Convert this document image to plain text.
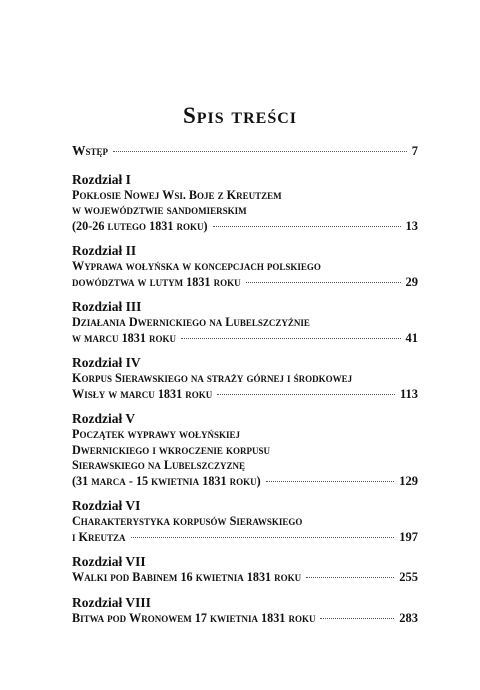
Spis treści
Wstęp	7
Rozdział I
Pokłosie Nowej Wsi. Boje z Kreutzem
w województwie sandomierskim
(20-26 lutego 1831 roku)	13
Rozdział II
Wyprawa wołyńska w koncepcjach polskiego
dowództwa w lutym 1831 roku	29
Rozdział III
Działania Dwernickiego na Lubelszczyźnie
w marcu 1831 roku	41
Rozdział IV
Korpus Sierawskiego na straży górnej i środkowej
Wisły w marcu 1831 roku	113
Rozdział V
Początek wyprawy wołyńskiej
Dwernickiego i wkroczenie korpusu
Sierawskiego na Lubelszczyznę
(31 marca - 15 kwietnia 1831 roku)	129
Rozdział VI
Charakterystyka korpusów Sierawskiego
i Kreutza	197
Rozdział VII
Walki pod Babinem 16 kwietnia 1831 roku	255
Rozdział VIII
Bitwa pod Wronowem 17 kwietnia 1831 roku	283
